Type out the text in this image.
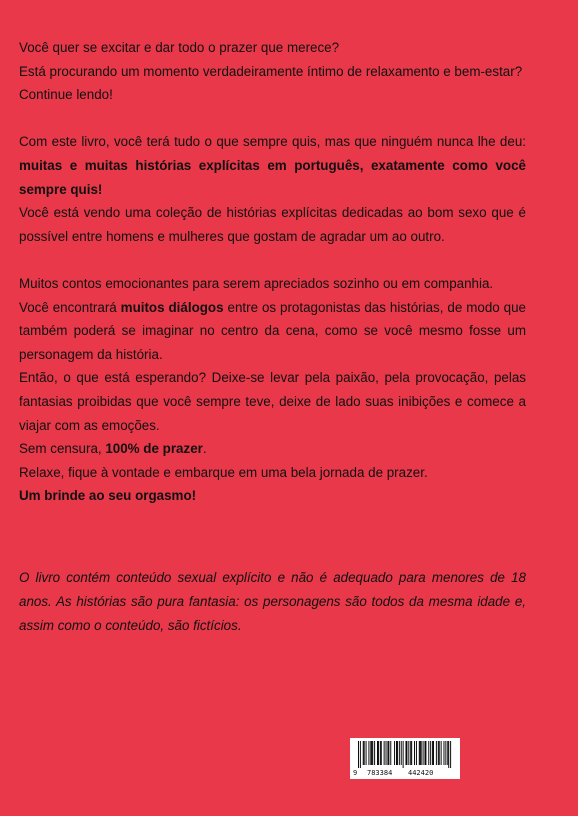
Você quer se excitar e dar todo o prazer que merece?

Está procurando um momento verdadeiramente íntimo de relaxamento e bem-estar?

Continue lendo!

Com este livro, você terá tudo o que sempre quis, mas que ninguém nunca lhe deu: muitas e muitas histórias explícitas em português, exatamente como você sempre quis!

Você está vendo uma coleção de histórias explícitas dedicadas ao bom sexo que é possível entre homens e mulheres que gostam de agradar um ao outro.

Muitos contos emocionantes para serem apreciados sozinho ou em companhia.

Você encontrará muitos diálogos entre os protagonistas das histórias, de modo que também poderá se imaginar no centro da cena, como se você mesmo fosse um personagem da história.

Então, o que está esperando? Deixe-se levar pela paixão, pela provocação, pelas fantasias proibidas que você sempre teve, deixe de lado suas inibições e comece a viajar com as emoções.

Sem censura, 100% de prazer.

Relaxe, fique à vontade e embarque em uma bela jornada de prazer.

Um brinde ao seu orgasmo!

O livro contém conteúdo sexual explícito e não é adequado para menores de 18 anos. As histórias são pura fantasia: os personagens são todos da mesma idade e, assim como o conteúdo, são fictícios.

9 783384 442420
